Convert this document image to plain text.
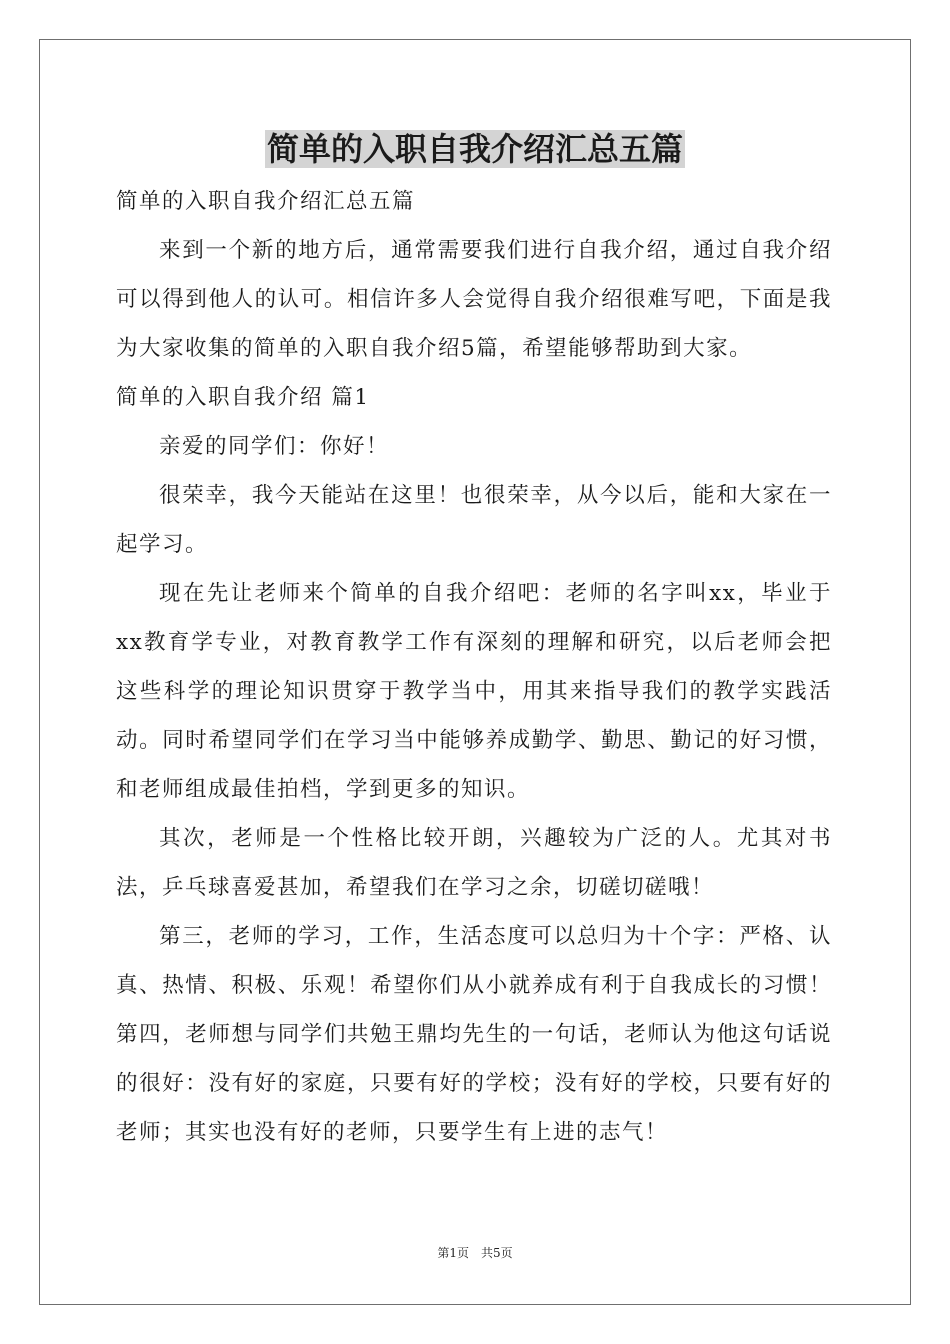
简单的入职自我介绍汇总五篇

简单的入职自我介绍汇总五篇

来到一个新的地方后，通常需要我们进行自我介绍，通过自我介绍可以得到他人的认可。相信许多人会觉得自我介绍很难写吧，下面是我为大家收集的简单的入职自我介绍5篇，希望能够帮助到大家。

简单的入职自我介绍 篇1

亲爱的同学们：你好！

很荣幸，我今天能站在这里！也很荣幸，从今以后，能和大家在一起学习。

现在先让老师来个简单的自我介绍吧：老师的名字叫xx，毕业于xx教育学专业，对教育教学工作有深刻的理解和研究，以后老师会把这些科学的理论知识贯穿于教学当中，用其来指导我们的教学实践活动。同时希望同学们在学习当中能够养成勤学、勤思、勤记的好习惯，和老师组成最佳拍档，学到更多的知识。

其次，老师是一个性格比较开朗，兴趣较为广泛的人。尤其对书法，乒乓球喜爱甚加，希望我们在学习之余，切磋切磋哦！

第三，老师的学习，工作，生活态度可以总归为十个字：严格、认真、热情、积极、乐观！希望你们从小就养成有利于自我成长的习惯！第四，老师想与同学们共勉王鼎均先生的一句话，老师认为他这句话说的很好：没有好的家庭，只要有好的学校；没有好的学校，只要有好的老师；其实也没有好的老师，只要学生有上进的志气！

第1页　共5页
